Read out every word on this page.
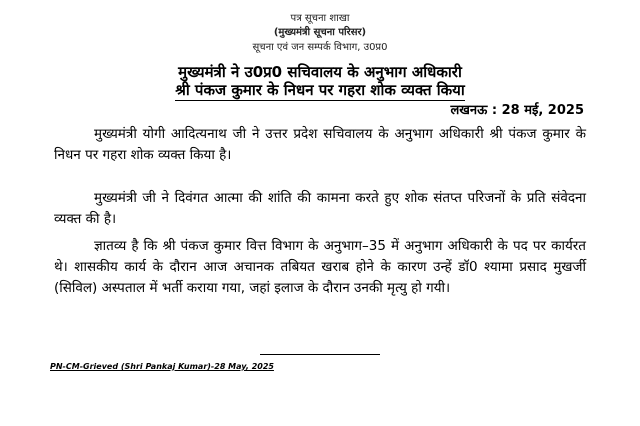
पत्र सूचना शाखा
(मुख्यमंत्री सूचना परिसर)
सूचना एवं जन सम्पर्क विभाग, उ0प्र0
मुख्यमंत्री ने उ0प्र0 सचिवालय के अनुभाग अधिकारी
श्री पंकज कुमार के निधन पर गहरा शोक व्यक्त किया
लखनऊ : 28 मई, 2025

मुख्यमंत्री योगी आदित्यनाथ जी ने उत्तर प्रदेश सचिवालय के अनुभाग अधिकारी श्री पंकज कुमार के निधन पर गहरा शोक व्यक्त किया है।

मुख्यमंत्री जी ने दिवंगत आत्मा की शांति की कामना करते हुए शोक संतप्त परिजनों के प्रति संवेदना व्यक्त की है।

ज्ञातव्य है कि श्री पंकज कुमार वित्त विभाग के अनुभाग–35 में अनुभाग अधिकारी के पद पर कार्यरत थे। शासकीय कार्य के दौरान आज अचानक तबियत खराब होने के कारण उन्हें डॉ0 श्यामा प्रसाद मुखर्जी (सिविल) अस्पताल में भर्ती कराया गया, जहां इलाज के दौरान उनकी मृत्यु हो गयी।

PN-CM-Grieved (Shri Pankaj Kumar)-28 May, 2025
